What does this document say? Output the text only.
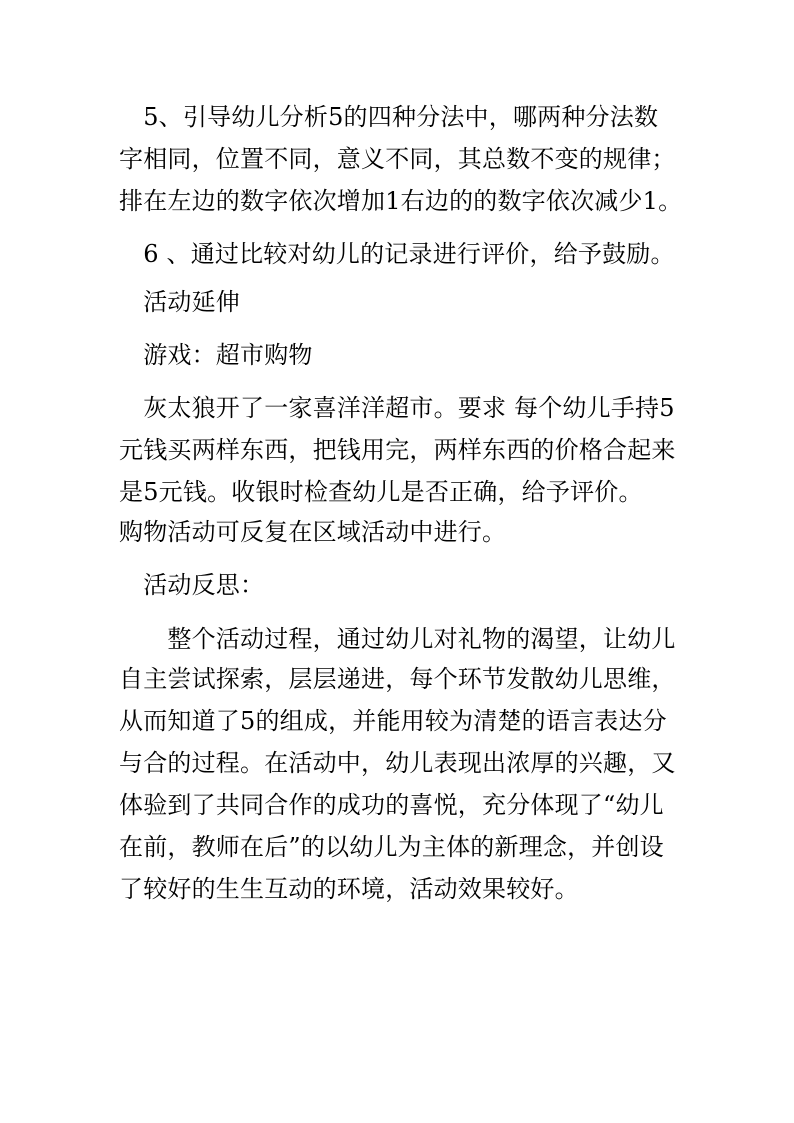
　5、引导幼儿分析5的四种分法中，哪两种分法数
字相同，位置不同，意义不同，其总数不变的规律；
排在左边的数字依次增加1右边的的数字依次减少1。
　6 、通过比较对幼儿的记录进行评价，给予鼓励。
　活动延伸
　游戏：超市购物
　灰太狼开了一家喜洋洋超市。要求 每个幼儿手持5
元钱买两样东西，把钱用完，两样东西的价格合起来
是5元钱。收银时检查幼儿是否正确，给予评价。
购物活动可反复在区域活动中进行。
　活动反思：
　　整个活动过程，通过幼儿对礼物的渴望，让幼儿
自主尝试探索，层层递进，每个环节发散幼儿思维，
从而知道了5的组成，并能用较为清楚的语言表达分
与合的过程。在活动中，幼儿表现出浓厚的兴趣，又
体验到了共同合作的成功的喜悦，充分体现了“幼儿
在前，教师在后”的以幼儿为主体的新理念，并创设
了较好的生生互动的环境，活动效果较好。
